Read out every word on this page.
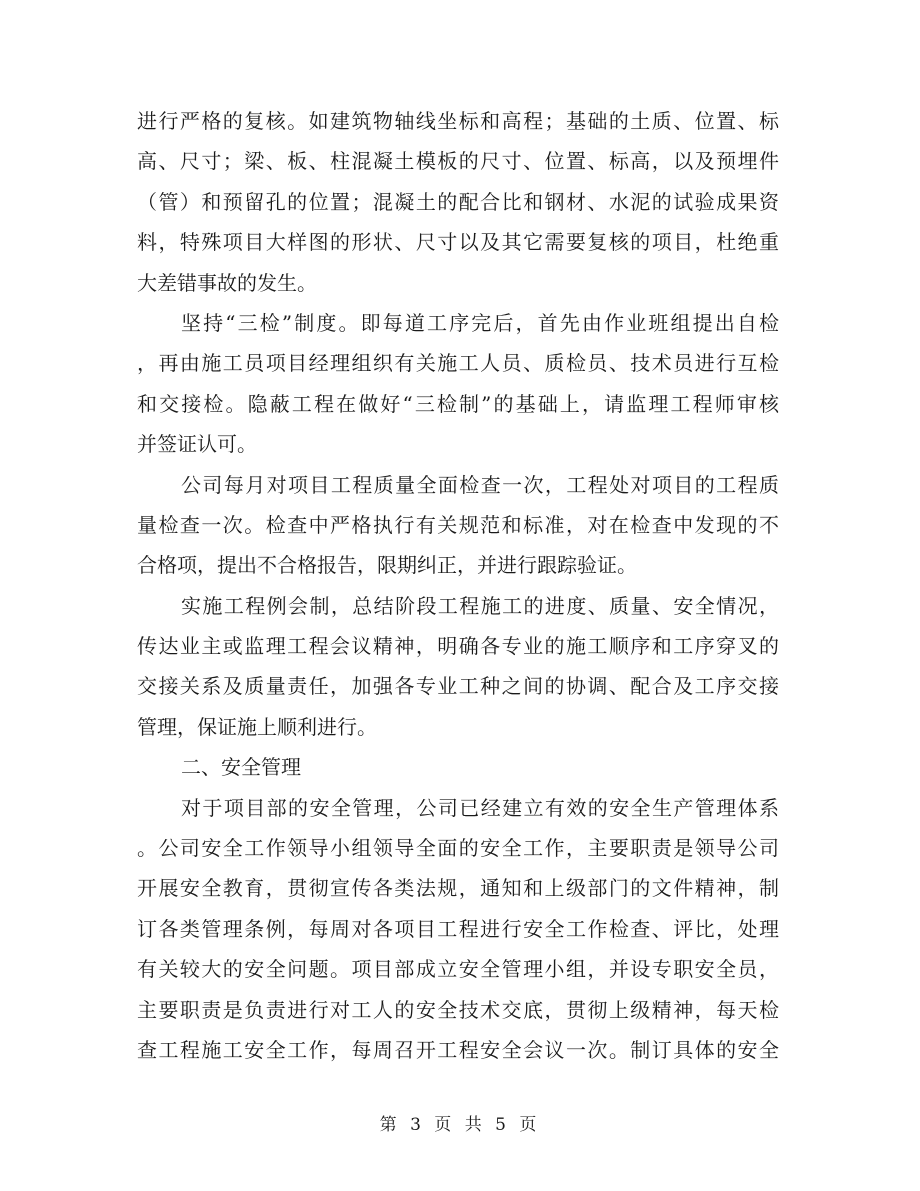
进行严格的复核。如建筑物轴线坐标和高程；基础的土质、位置、标
高、尺寸；梁、板、柱混凝土模板的尺寸、位置、标高，以及预埋件
（管）和预留孔的位置；混凝土的配合比和钢材、水泥的试验成果资
料，特殊项目大样图的形状、尺寸以及其它需要复核的项目，杜绝重
大差错事故的发生。
坚持“三检”制度。即每道工序完后，首先由作业班组提出自检
，再由施工员项目经理组织有关施工人员、质检员、技术员进行互检
和交接检。隐蔽工程在做好“三检制”的基础上，请监理工程师审核
并签证认可。
公司每月对项目工程质量全面检查一次，工程处对项目的工程质
量检查一次。检查中严格执行有关规范和标准，对在检查中发现的不
合格项，提出不合格报告，限期纠正，并进行跟踪验证。
实施工程例会制，总结阶段工程施工的进度、质量、安全情况，
传达业主或监理工程会议精神，明确各专业的施工顺序和工序穿叉的
交接关系及质量责任，加强各专业工种之间的协调、配合及工序交接
管理，保证施上顺利进行。
二、安全管理
对于项目部的安全管理，公司已经建立有效的安全生产管理体系
。公司安全工作领导小组领导全面的安全工作，主要职责是领导公司
开展安全教育，贯彻宣传各类法规，通知和上级部门的文件精神，制
订各类管理条例，每周对各项目工程进行安全工作检查、评比，处理
有关较大的安全问题。项目部成立安全管理小组，并设专职安全员，
主要职责是负责进行对工人的安全技术交底，贯彻上级精神，每天检
查工程施工安全工作，每周召开工程安全会议一次。制订具体的安全
第 3 页 共 5 页
